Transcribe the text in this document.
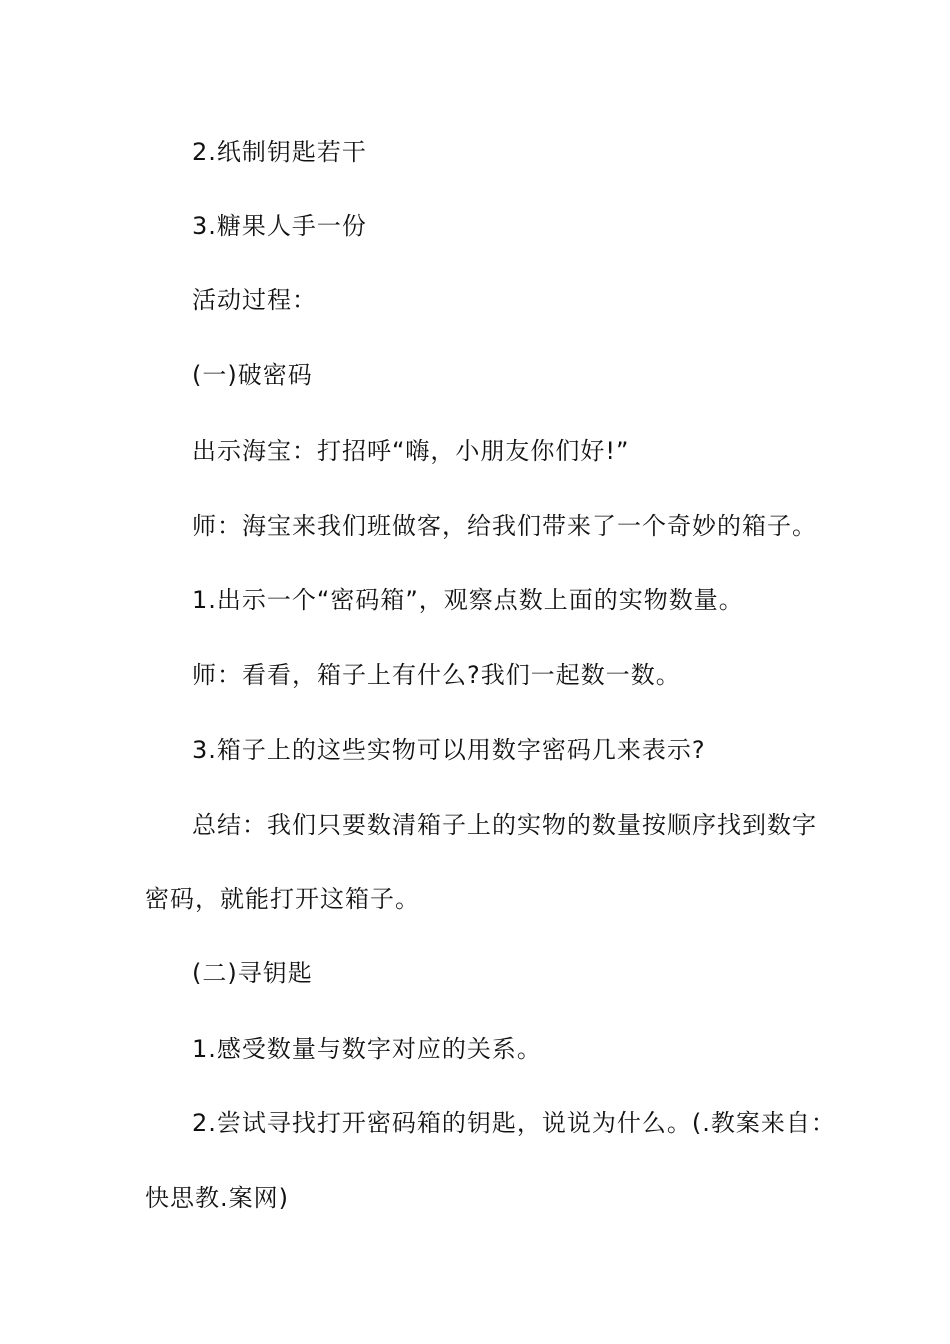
2.纸制钥匙若干
3.糖果人手一份
活动过程：
(一)破密码
出示海宝：打招呼“嗨，小朋友你们好!”
师：海宝来我们班做客，给我们带来了一个奇妙的箱子。
1.出示一个“密码箱”，观察点数上面的实物数量。
师：看看，箱子上有什么?我们一起数一数。
3.箱子上的这些实物可以用数字密码几来表示?
总结：我们只要数清箱子上的实物的数量按顺序找到数字
密码，就能打开这箱子。
(二)寻钥匙
1.感受数量与数字对应的关系。
2.尝试寻找打开密码箱的钥匙，说说为什么。(.教案来自：
快思教.案网)
